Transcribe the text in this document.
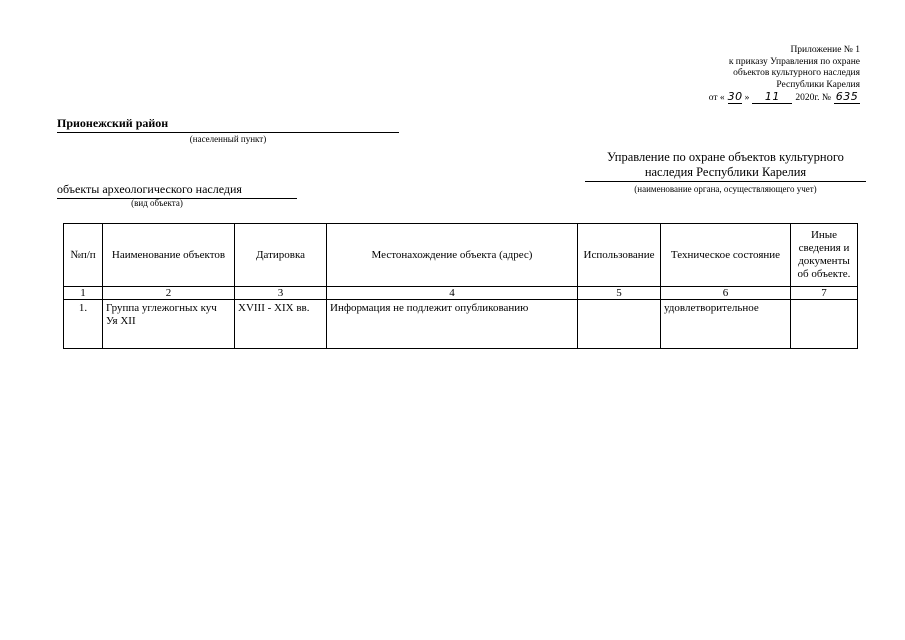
Приложение № 1
к приказу Управления по охране
объектов культурного наследия
Республики Карелия
от « 30 »	11	2020г. № 635
Прионежский район
(населенный пункт)
Управление по охране объектов культурного наследия Республики Карелия
(наименование органа, осуществляющего учет)
объекты археологического наследия
(вид объекта)
№п/п	Наименование объектов	Датировка	Местонахождение объекта (адрес)	Использование	Техническое состояние	Иные сведения и документы об объекте.
1	2	3	4	5	6	7
1.	Группа углежогных куч Уя XII	XVIII - XIX вв.	Информация не подлежит опубликованию		удовлетворительное	
